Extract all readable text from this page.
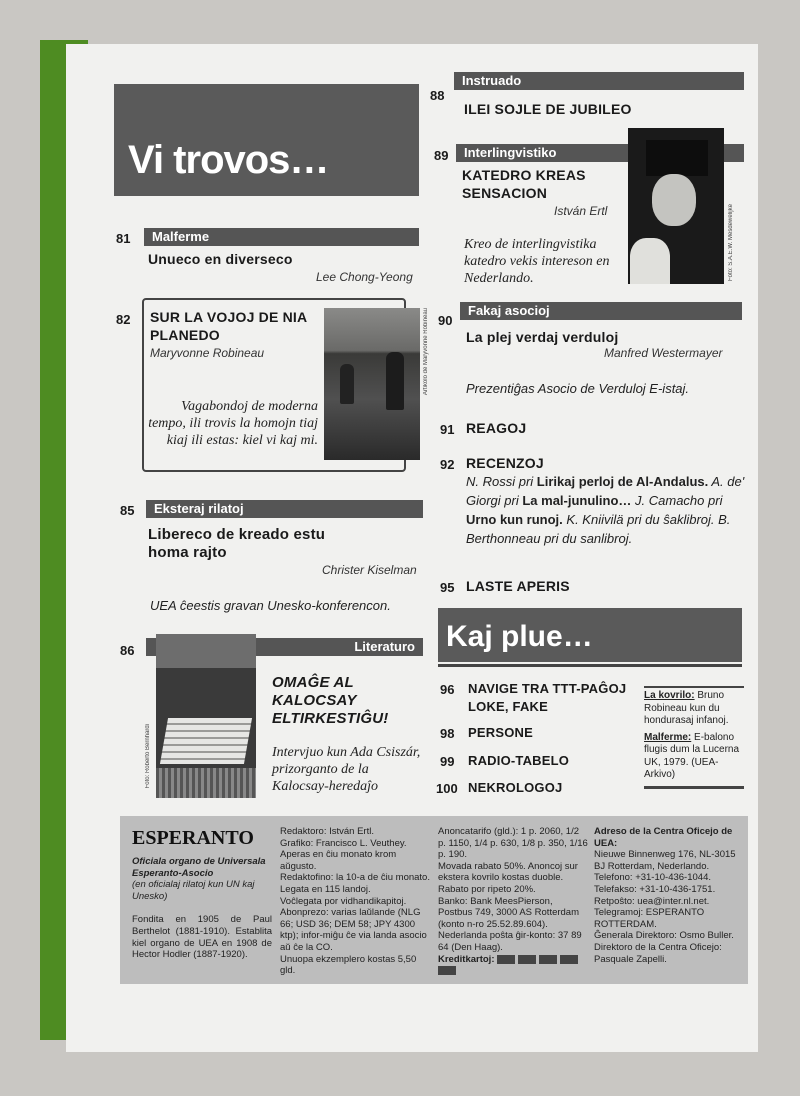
Vi trovos…
81	Malferme
Unueco en diverseco
Lee Chong-Yeong
82 SUR LA VOJOJ DE NIA PLANEDO
Maryvonne Robineau
Vagabondoj de moderna tempo, ili trovis la homojn tiaj kiaj ili estas: kiel vi kaj mi.
Artikolo de Maryvonne Robineau
85	Eksteraj rilatoj
Libereco de kreado estu homa rajto
Christer Kiselman
UEA ĉeestis gravan Unesko-konferencon.
86	Literaturo
Foto: Roberto Bernhardi
OMAĜE AL KALOCSAY ELTIRKESTIĜU!
Intervjuo kun Ada Csiszár, prizorganto de la Kalocsay-heredaĵo
88
Instruado
ILEI SOJLE DE JUBILEO
89	Interlingvistiko
KATEDRO KREAS SENSACION
István Ertl
Kreo de interlingvistika katedro vekis intereson en Nederlando.	Foto: S.A.E.W. Mesdewelijke
90
Fakaj asocioj
La plej verdaj verduloj
Manfred Westermayer
Prezentiĝas Asocio de Verduloj E-istaj.
91 REAGOJ
92 RECENZOJ
N. Rossi pri Lirikaj perloj de Al-Andalus. A. de' Giorgi pri La mal-junulino… J. Camacho pri Urno kun runoj. K. Kniivilä pri du ŝaklibroj. B. Berthonneau pri du sanlibroj.
95 LASTE APERIS
Kaj plue…
96 NAVIGE TRA TTT-PAĜOJ LOKE, FAKE
98 PERSONE
99 RADIO-TABELO
100 NEKROLOGOJ
La kovrilo: Bruno Robineau kun du hondurasaj infanoj.
Malferme: E-balono flugis dum la Lucerna UK, 1979. (UEA-Arkivo)
ESPERANTO
Oficiala organo de Universala Esperanto-Asocio
(en oficialaj rilatoj kun UN kaj Unesko)
Fondita en 1905 de Paul Berthelot (1881-1910). Establita kiel organo de UEA en 1908 de Hector Hodler (1887-1920).
Redaktoro: István Ertl.
Grafiko: Francisco L. Veuthey.
Aperas en ĉiu monato krom aŭgusto.
Redaktofino: la 10-a de ĉiu monato.
Legata en 115 landoj.
Voĉlegata por vidhandikapitoj.
Abonprezo: varias laŭlande (NLG 66; USD 36; DEM 58; JPY 4300 ktp); infor-miĝu ĉe via landa asocio aŭ ĉe la CO.
Unuopa ekzemplero kostas 5,50 gld.
Anoncatarifo (gld.): 1 p. 2060, 1/2 p. 1150, 1/4 p. 630, 1/8 p. 350, 1/16 p. 190.
Movada rabato 50%. Anoncoj sur ekstera kovrilo kostas duoble. Rabato por ripeto 20%.
Banko: Bank MeesPierson, Postbus 749, 3000 AS Rotterdam (konto n-ro 25.52.89.604). Nederlanda poŝta ĝir-konto: 37 89 64 (Den Haag).
Kreditkartoj:
Adreso de la Centra Oficejo de UEA:
Nieuwe Binnenweg 176, NL-3015 BJ Rotterdam, Nederlando.
Telefono: +31-10-436-1044.
Telefakso: +31-10-436-1751.
Retpoŝto: uea@inter.nl.net.
Telegramoj: ESPERANTO ROTTERDAM.
Ĝenerala Direktoro: Osmo Buller.
Direktoro de la Centra Oficejo: Pasquale Zapelli.
